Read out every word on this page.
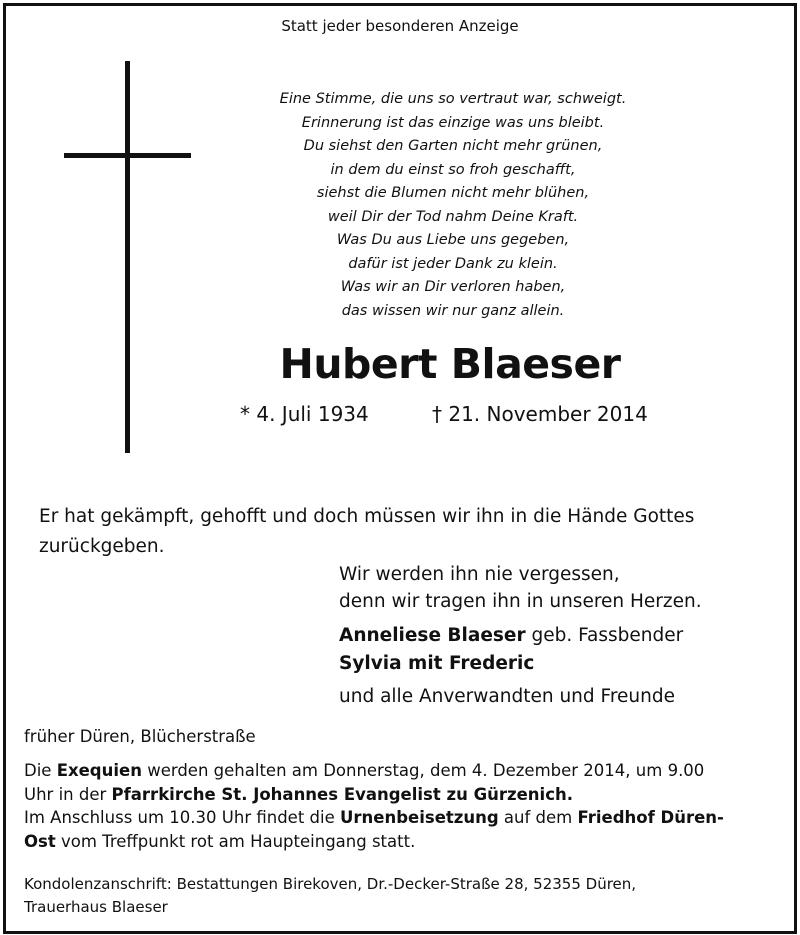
Statt jeder besonderen Anzeige
Eine Stimme, die uns so vertraut war, schweigt.
Erinnerung ist das einzige was uns bleibt.
Du siehst den Garten nicht mehr grünen,
in dem du einst so froh geschafft,
siehst die Blumen nicht mehr blühen,
weil Dir der Tod nahm Deine Kraft.
Was Du aus Liebe uns gegeben,
dafür ist jeder Dank zu klein.
Was wir an Dir verloren haben,
das wissen wir nur ganz allein.
Hubert Blaeser
* 4. Juli 1934	† 21. November 2014
Er hat gekämpft, gehofft und doch müssen wir ihn in die Hände Gottes zurückgeben.
Wir werden ihn nie vergessen,
denn wir tragen ihn in unseren Herzen.
Anneliese Blaeser geb. Fassbender
Sylvia mit Frederic
und alle Anverwandten und Freunde
früher Düren, Blücherstraße
Die Exequien werden gehalten am Donnerstag, dem 4. Dezember 2014, um 9.00
Uhr in der Pfarrkirche St. Johannes Evangelist zu Gürzenich.
Im Anschluss um 10.30 Uhr findet die Urnenbeisetzung auf dem Friedhof Düren-
Ost vom Treffpunkt rot am Haupteingang statt.
Kondolenzanschrift: Bestattungen Birekoven, Dr.-Decker-Straße 28, 52355 Düren,
Trauerhaus Blaeser
